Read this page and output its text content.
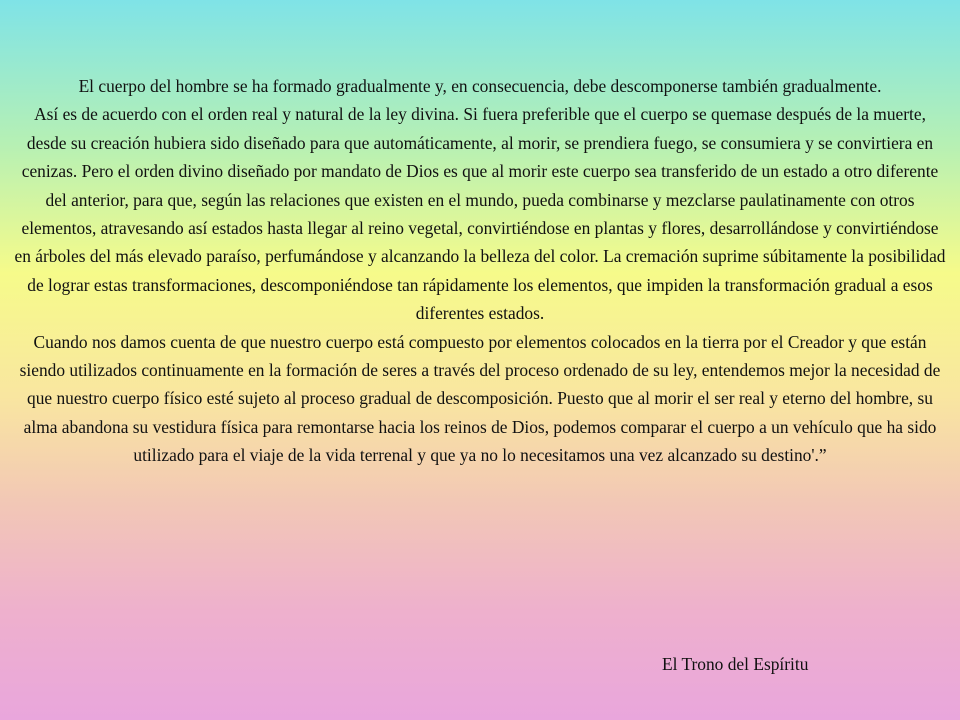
El cuerpo del hombre se ha formado gradualmente y, en consecuencia, debe descomponerse también gradualmente.

Así es de acuerdo con el orden real y natural de la ley divina. Si fuera preferible que el cuerpo se quemase después de la muerte, desde su creación hubiera sido diseñado para que automáticamente, al morir, se prendiera fuego, se consumiera y se convirtiera en cenizas. Pero el orden divino diseñado por mandato de Dios es que al morir este cuerpo sea transferido de un estado a otro diferente del anterior, para que, según las relaciones que existen en el mundo, pueda combinarse y mezclarse paulatinamente con otros elementos, atravesando así estados hasta llegar al reino vegetal, convirtiéndose en plantas y flores, desarrollándose y convirtiéndose en árboles del más elevado paraíso, perfumándose y alcanzando la belleza del color. La cremación suprime súbitamente la posibilidad de lograr estas transformaciones, descomponiéndose tan rápidamente los elementos, que impiden la transformación gradual a esos diferentes estados.

Cuando nos damos cuenta de que nuestro cuerpo está compuesto por elementos colocados en la tierra por el Creador y que están siendo utilizados continuamente en la formación de seres a través del proceso ordenado de su ley, entendemos mejor la necesidad de que nuestro cuerpo físico esté sujeto al proceso gradual de descomposición. Puesto que al morir el ser real y eterno del hombre, su alma abandona su vestidura física para remontarse hacia los reinos de Dios, podemos comparar el cuerpo a un vehículo que ha sido utilizado para el viaje de la vida terrenal y que ya no lo necesitamos una vez alcanzado su destino'.”

El Trono del Espíritu
